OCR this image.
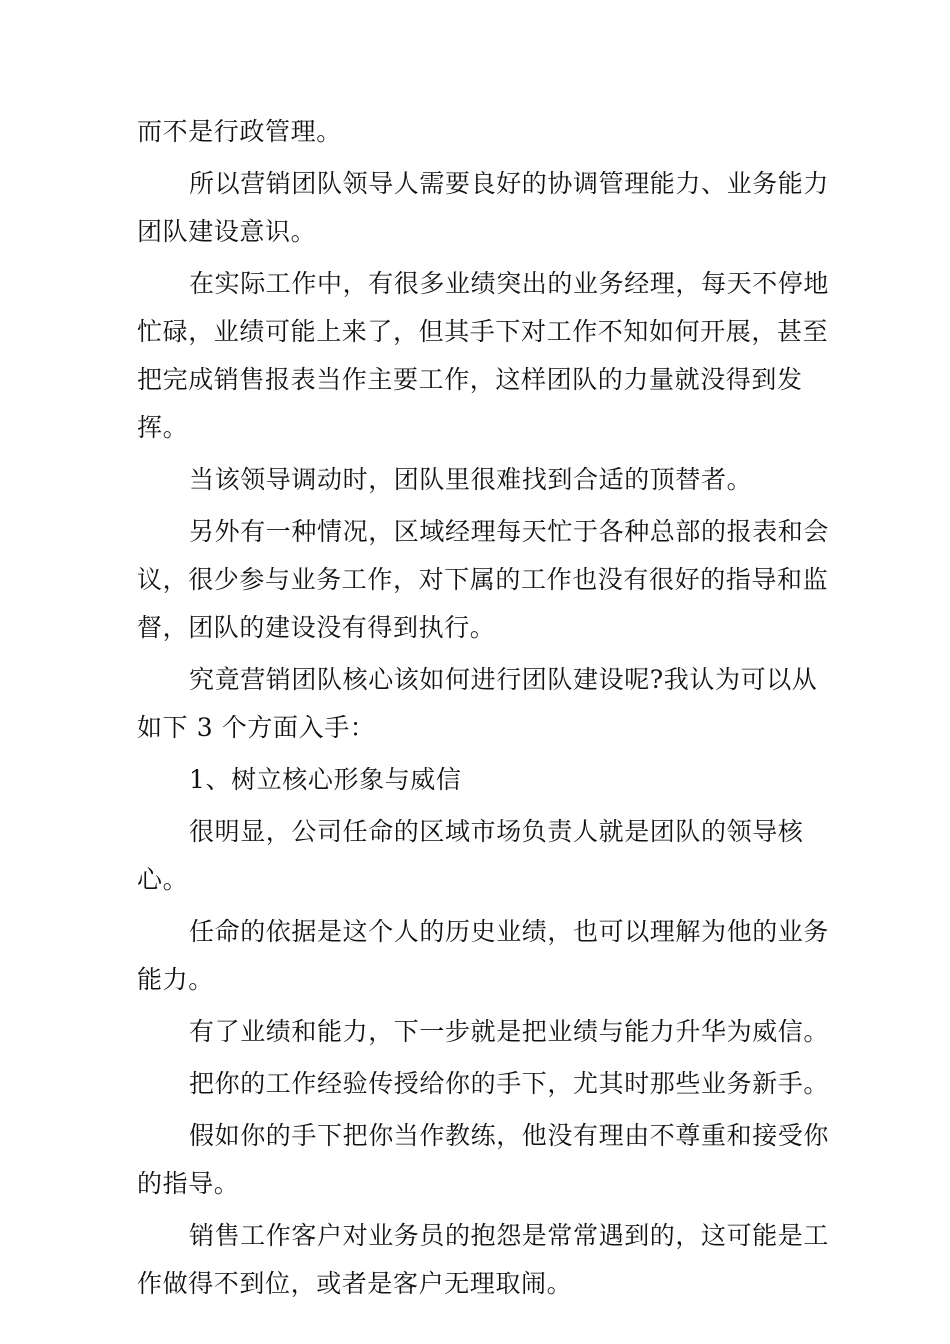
而不是行政管理。

所以营销团队领导人需要良好的协调管理能力、业务能力团队建设意识。

在实际工作中，有很多业绩突出的业务经理，每天不停地忙碌，业绩可能上来了，但其手下对工作不知如何开展，甚至把完成销售报表当作主要工作，这样团队的力量就没得到发挥。

当该领导调动时，团队里很难找到合适的顶替者。

另外有一种情况，区域经理每天忙于各种总部的报表和会议，很少参与业务工作，对下属的工作也没有很好的指导和监督，团队的建设没有得到执行。

究竟营销团队核心该如何进行团队建设呢?我认为可以从如下 3 个方面入手：

1、树立核心形象与威信

很明显，公司任命的区域市场负责人就是团队的领导核心。

任命的依据是这个人的历史业绩，也可以理解为他的业务能力。

有了业绩和能力，下一步就是把业绩与能力升华为威信。

把你的工作经验传授给你的手下，尤其时那些业务新手。

假如你的手下把你当作教练，他没有理由不尊重和接受你的指导。

销售工作客户对业务员的抱怨是常常遇到的，这可能是工作做得不到位，或者是客户无理取闹。
